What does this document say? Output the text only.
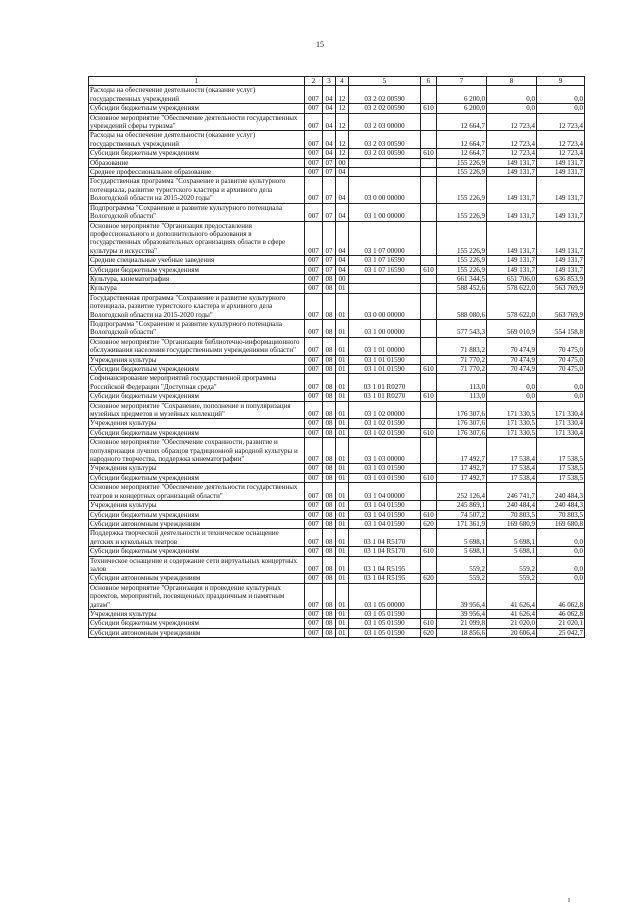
15
1	2	3	4	5	6	7	8	9
Расходы на обеспечение деятельности (оказание услуг) государственных учреждений	007	04	12	03 2 02 00590		6 200,0	0,0	0,0
Субсидии бюджетным учреждениям	007	04	12	03 2 02 00590	610	6 200,0	0,0	0,0
Основное мероприятие "Обеспечение деятельности государственных учреждений сферы туризма"	007	04	12	03 2 03 00000		12 664,7	12 723,4	12 723,4
Расходы на обеспечение деятельности (оказание услуг) государственных учреждений	007	04	12	03 2 03 00590		12 664,7	12 723,4	12 723,4
Субсидии бюджетным учреждениям	007	04	12	03 2 03 00590	610	12 664,7	12 723,4	12 723,4
Образование	007	07	00			155 226,9	149 131,7	149 131,7
Среднее профессиональное образование	007	07	04			155 226,9	149 131,7	149 131,7
Государственная программа "Сохранение и развитие культурного потенциала, развитие туристского кластера и архивного дела Вологодской области на 2015-2020 годы"	007	07	04	03 0 00 00000		155 226,9	149 131,7	149 131,7
Подпрограмма "Сохранение и развитие культурного потенциала Вологодской области"	007	07	04	03 1 00 00000		155 226,9	149 131,7	149 131,7
Основное мероприятие "Организация предоставления профессионального и дополнительного образования в государственных образовательных организациях области в сфере культуры и искусства"	007	07	04	03 1 07 00000		155 226,9	149 131,7	149 131,7
Средние специальные учебные заведения	007	07	04	03 1 07 16590		155 226,9	149 131,7	149 131,7
Субсидии бюджетным учреждениям	007	07	04	03 1 07 16590	610	155 226,9	149 131,7	149 131,7
Культура, кинематография	007	08	00			661 344,5	651 706,0	636 853,9
Культура	007	08	01			588 452,6	578 622,0	563 769,9
Государственная программа "Сохранение и развитие культурного потенциала, развитие туристского кластера и архивного дела Вологодской области на 2015-2020 годы"	007	08	01	03 0 00 00000		588 080,6	578 622,0	563 769,9
Подпрограмма "Сохранение и развитие культурного потенциала Вологодской области"	007	08	01	03 1 00 00000		577 543,3	569 010,9	554 158,8
Основное мероприятие "Организация библиотечно-информационного обслуживания населения государственными учреждениями области"	007	08	01	03 1 01 00000		71 883,2	70 474,9	70 475,0
Учреждения культуры	007	08	01	03 1 01 01590		71 770,2	70 474,9	70 475,0
Субсидии бюджетным учреждениям	007	08	01	03 1 01 01590	610	71 770,2	70 474,9	70 475,0
Софинансирование мероприятий государственной программы Российской Федерации "Доступная среда"	007	08	01	03 1 01 R0270		113,0	0,0	0,0
Субсидии бюджетным учреждениям	007	08	01	03 1 01 R0270	610	113,0	0,0	0,0
Основное мероприятие "Сохранение, пополнение и популяризация музейных предметов и музейных коллекций"	007	08	01	03 1 02 00000		176 307,6	171 330,5	171 330,4
Учреждения культуры	007	08	01	03 1 02 01590		176 307,6	171 330,5	171 330,4
Субсидии бюджетным учреждениям	007	08	01	03 1 02 01590	610	176 307,6	171 330,5	171 330,4
Основное мероприятие "Обеспечение сохранности, развитие и популяризация лучших образцов традиционной народной культуры и народного творчества, поддержка кинематографии"	007	08	01	03 1 03 00000		17 492,7	17 538,4	17 538,5
Учреждения культуры	007	08	01	03 1 03 01590		17 492,7	17 538,4	17 538,5
Субсидии бюджетным учреждениям	007	08	01	03 1 03 01590	610	17 492,7	17 538,4	17 538,5
Основное мероприятие "Обеспечение деятельности государственных театров и концертных организаций области"	007	08	01	03 1 04 00000		252 126,4	246 741,7	240 484,3
Учреждения культуры	007	08	01	03 1 04 01590		245 869,1	240 484,4	240 484,3
Субсидии бюджетным учреждениям	007	08	01	03 1 04 01590	610	74 507,2	70 803,5	70 803,5
Субсидии автономным учреждениям	007	08	01	03 1 04 01590	620	171 361,9	169 680,9	169 680,8
Поддержка творческой деятельности и техническое оснащение детских и кукольных театров	007	08	01	03 1 04 R5170		5 698,1	5 698,1	0,0
Субсидии бюджетным учреждениям	007	08	01	03 1 04 R5170	610	5 698,1	5 698,1	0,0
Техническое оснащение и содержание сети виртуальных концертных залов	007	08	01	03 1 04 R5195		559,2	559,2	0,0
Субсидии автономным учреждениям	007	08	01	03 1 04 R5195	620	559,2	559,2	0,0
Основное мероприятие "Организация и проведение культурных проектов, мероприятий, посвященных праздничным и памятным датам"	007	08	01	03 1 05 00000		39 956,4	41 626,4	46 062,8
Учреждения культуры	007	08	01	03 1 05 01590		39 956,4	41 626,4	46 062,8
Субсидии бюджетным учреждениям	007	08	01	03 1 05 01590	610	21 099,8	21 020,0	21 020,1
Субсидии автономным учреждениям	007	08	01	03 1 05 01590	620	18 856,6	20 606,4	25 042,7
I
